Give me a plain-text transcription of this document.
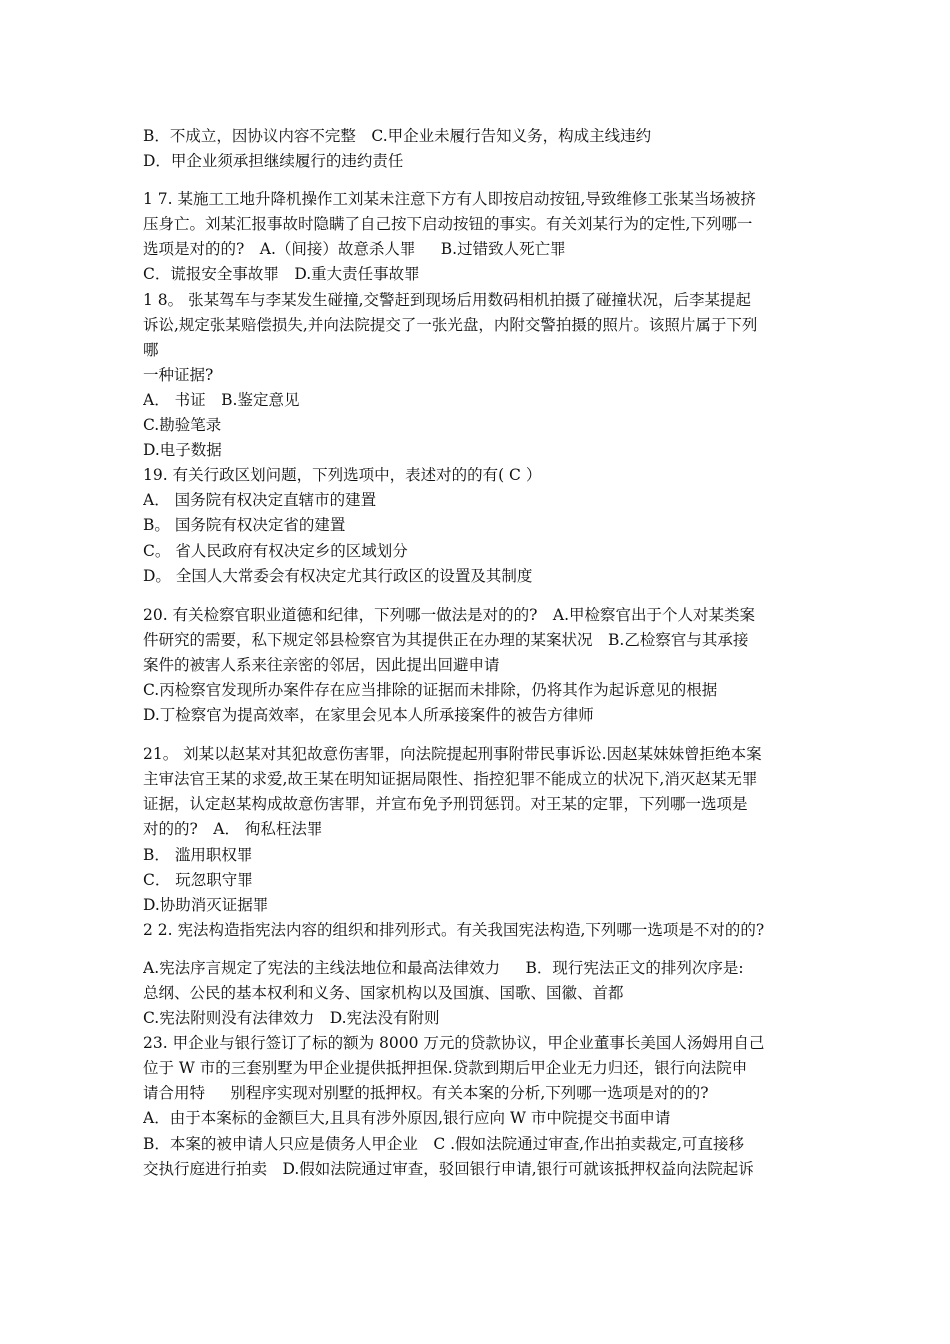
B．不成立，因协议内容不完整　C.甲企业未履行告知义务，构成主线违约
D．甲企业须承担继续履行的违约责任
1 7. 某施工工地升降机操作工刘某未注意下方有人即按启动按钮,导致维修工张某当场被挤
压身亡。刘某汇报事故时隐瞒了自己按下启动按钮的事实。有关刘某行为的定性,下列哪一
选项是对的的?　A.（间接）故意杀人罪 　 B.过错致人死亡罪
C．谎报安全事故罪　D.重大责任事故罪　
1 8。 张某驾车与李某发生碰撞,交警赶到现场后用数码相机拍摄了碰撞状况，后李某提起
诉讼,规定张某赔偿损失,并向法院提交了一张光盘，内附交警拍摄的照片。该照片属于下列
哪
一种证据?
A． 书证　B.鉴定意见
C.勘验笔录
D.电子数据　
19. 有关行政区划问题，下列选项中，表述对的的有( C ）
A． 国务院有权决定直辖市的建置
B。 国务院有权决定省的建置
C。 省人民政府有权决定乡的区域划分
D。 全国人大常委会有权决定尤其行政区的设置及其制度
20. 有关检察官职业道德和纪律，下列哪一做法是对的的?　A.甲检察官出于个人对某类案
件研究的需要，私下规定邻县检察官为其提供正在办理的某案状况　B.乙检察官与其承接
案件的被害人系来往亲密的邻居，因此提出回避申请
C.丙检察官发现所办案件存在应当排除的证据而未排除，仍将其作为起诉意见的根据
D.丁检察官为提高效率，在家里会见本人所承接案件的被告方律师
21。 刘某以赵某对其犯故意伤害罪，向法院提起刑事附带民事诉讼.因赵某妹妹曾拒绝本案
主审法官王某的求爱,故王某在明知证据局限性、指控犯罪不能成立的状况下,消灭赵某无罪
证据，认定赵某构成故意伤害罪，并宣布免予刑罚惩罚。对王某的定罪，下列哪一选项是
对的的?　A． 徇私枉法罪
B． 滥用职权罪
C． 玩忽职守罪
D.协助消灭证据罪　
2 2. 宪法构造指宪法内容的组织和排列形式。有关我国宪法构造,下列哪一选项是不对的的?
A.宪法序言规定了宪法的主线法地位和最高法律效力 　 B．现行宪法正文的排列次序是:
总纲、公民的基本权利和义务、国家机构以及国旗、国歌、国徽、首都
C.宪法附则没有法律效力　D.宪法没有附则　
23. 甲企业与银行签订了标的额为 8000 万元的贷款协议，甲企业董事长美国人汤姆用自己
位于 W 市的三套别墅为甲企业提供抵押担保.贷款到期后甲企业无力归还，银行向法院申
请合用特 　 别程序实现对别墅的抵押权。有关本案的分析,下列哪一选项是对的的?　
A．由于本案标的金额巨大,且具有涉外原因,银行应向 W 市中院提交书面申请
B．本案的被申请人只应是债务人甲企业　C .假如法院通过审查,作出拍卖裁定,可直接移
交执行庭进行拍卖　D.假如法院通过审查，驳回银行申请,银行可就该抵押权益向法院起诉
